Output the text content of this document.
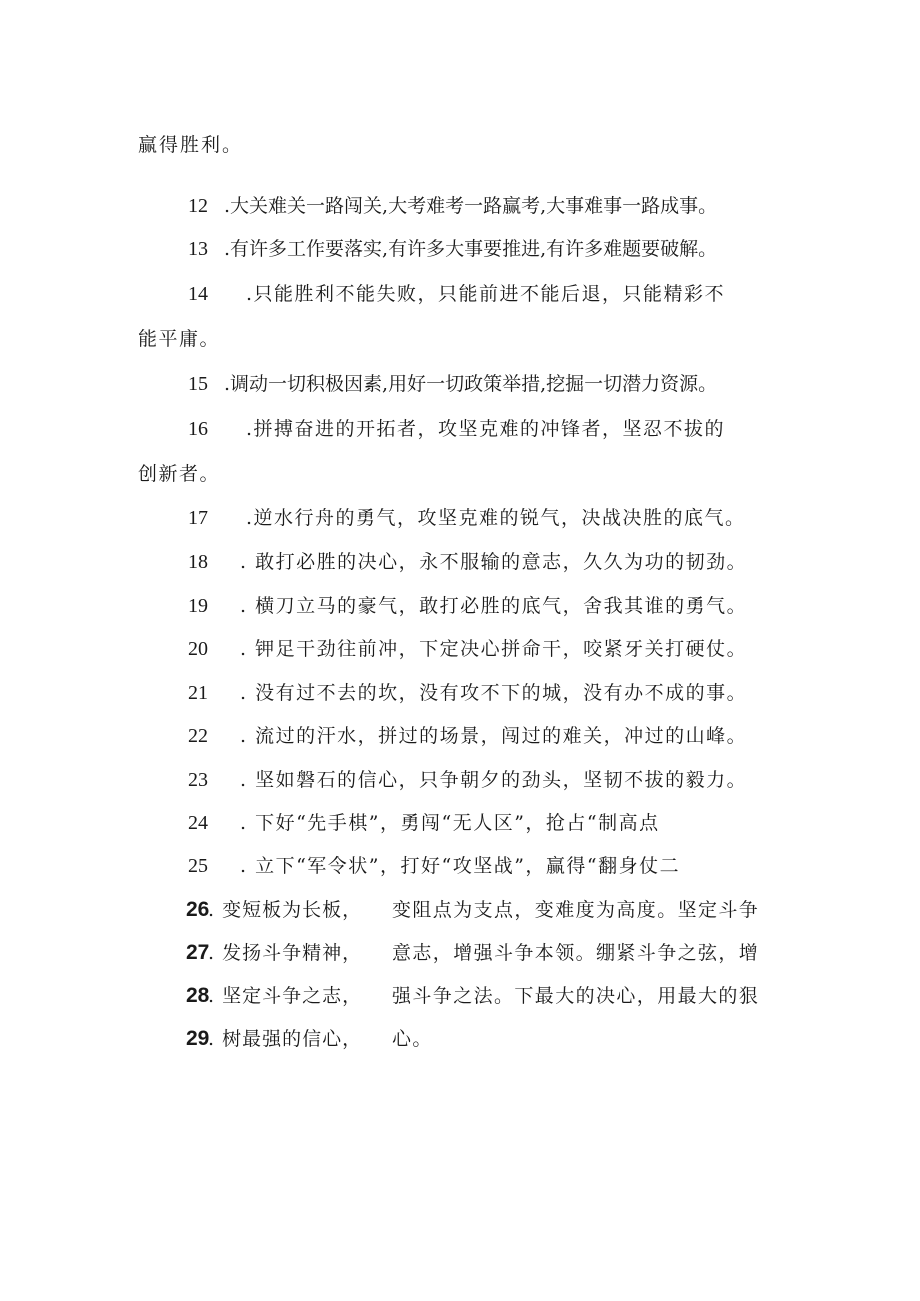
赢得胜利。
12 .大关难关一路闯关,大考难考一路赢考,大事难事一路成事。
13 .有许多工作要落实,有许多大事要推进,有许多难题要破解。
14 .只能胜利不能失败，只能前进不能后退，只能精彩不
能平庸。
15 .调动一切积极因素,用好一切政策举措,挖掘一切潜力资源。
16 .拼搏奋进的开拓者，攻坚克难的冲锋者，坚忍不拔的
创新者。
17 .逆水行舟的勇气，攻坚克难的锐气，决战决胜的底气。
18 . 敢打必胜的决心，永不服输的意志，久久为功的韧劲。
19 . 横刀立马的豪气，敢打必胜的底气，舍我其谁的勇气。
20 . 钾足干劲往前冲，下定决心拼命干，咬紧牙关打硬仗。
21 . 没有过不去的坎，没有攻不下的城，没有办不成的事。
22 . 流过的汗水，拼过的场景，闯过的难关，冲过的山峰。
23 . 坚如磐石的信心，只争朝夕的劲头，坚韧不拔的毅力。
24 . 下好“先手棋”，勇闯“无人区”，抢占“制高点
25 . 立下“军令状”，打好“攻坚战”，赢得“翻身仗二
26
. 变短板为长板，
27
. 发扬斗争精神，
28
. 坚定斗争之志，
29
. 树最强的信心，
变阻点为支点，变难度为高度。坚定斗争
意志，增强斗争本领。绷紧斗争之弦，增
强斗争之法。下最大的决心，用最大的狠
心。
